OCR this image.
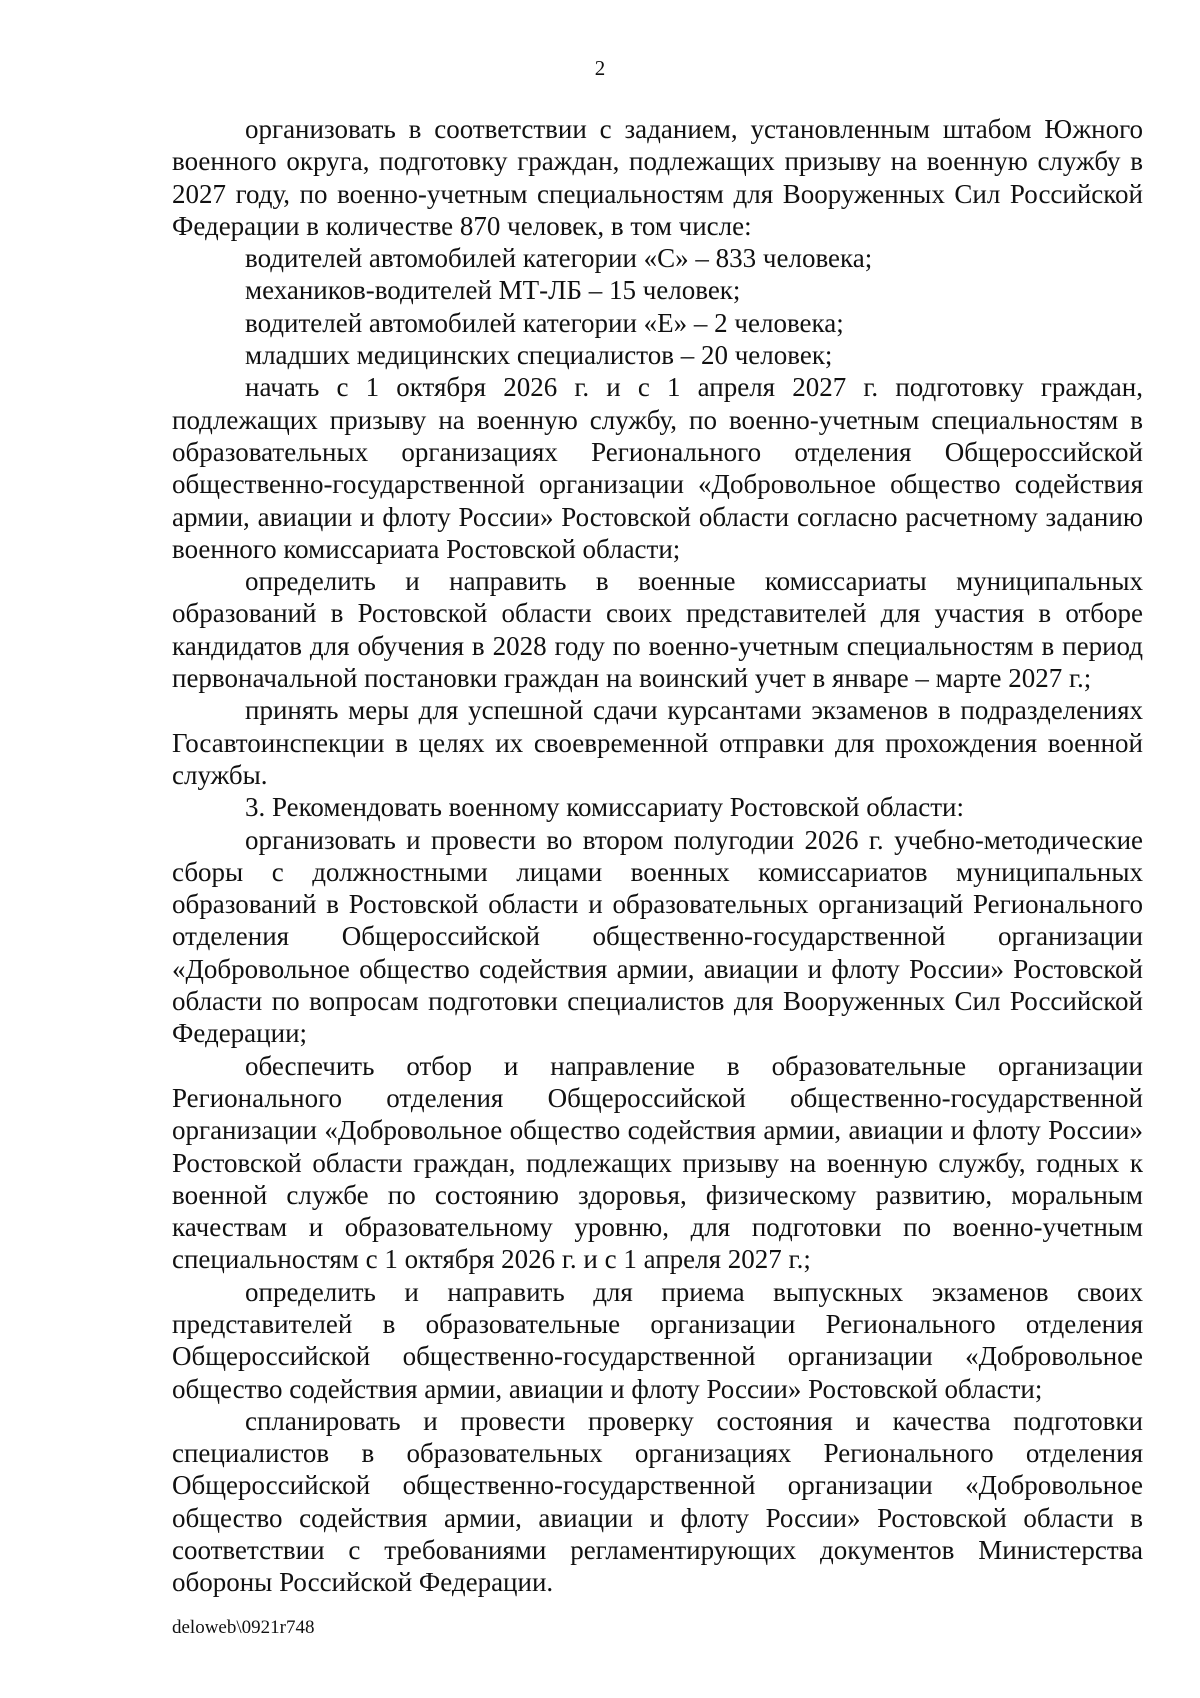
2

организовать в соответствии с заданием, установленным штабом Южного военного округа, подготовку граждан, подлежащих призыву на военную службу в 2027 году, по военно-учетным специальностям для Вооруженных Сил Российской Федерации в количестве 870 человек, в том числе:

водителей автомобилей категории «С» – 833 человека;

механиков-водителей МТ-ЛБ – 15 человек;

водителей автомобилей категории «Е» – 2 человека;

младших медицинских специалистов – 20 человек;

начать с 1 октября 2026 г. и с 1 апреля 2027 г. подготовку граждан, подлежащих призыву на военную службу, по военно-учетным специальностям в образовательных организациях Регионального отделения Общероссийской общественно-государственной организации «Добровольное общество содействия армии, авиации и флоту России» Ростовской области согласно расчетному заданию военного комиссариата Ростовской области;

определить и направить в военные комиссариаты муниципальных образований в Ростовской области своих представителей для участия в отборе кандидатов для обучения в 2028 году по военно-учетным специальностям в период первоначальной постановки граждан на воинский учет в январе – марте 2027 г.;

принять меры для успешной сдачи курсантами экзаменов в подразделениях Госавтоинспекции в целях их своевременной отправки для прохождения военной службы.

3. Рекомендовать военному комиссариату Ростовской области:

организовать и провести во втором полугодии 2026 г. учебно-методические сборы с должностными лицами военных комиссариатов муниципальных образований в Ростовской области и образовательных организаций Регионального отделения Общероссийской общественно-государственной организации «Добровольное общество содействия армии, авиации и флоту России» Ростовской области по вопросам подготовки специалистов для Вооруженных Сил Российской Федерации;

обеспечить отбор и направление в образовательные организации Регионального отделения Общероссийской общественно-государственной организации «Добровольное общество содействия армии, авиации и флоту России» Ростовской области граждан, подлежащих призыву на военную службу, годных к военной службе по состоянию здоровья, физическому развитию, моральным качествам и образовательному уровню, для подготовки по военно-учетным специальностям с 1 октября 2026 г. и с 1 апреля 2027 г.;

определить и направить для приема выпускных экзаменов своих представителей в образовательные организации Регионального отделения Общероссийской общественно-государственной организации «Добровольное общество содействия армии, авиации и флоту России» Ростовской области;

спланировать и провести проверку состояния и качества подготовки специалистов в образовательных организациях Регионального отделения Общероссийской общественно-государственной организации «Добровольное общество содействия армии, авиации и флоту России» Ростовской области в соответствии с требованиями регламентирующих документов Министерства обороны Российской Федерации.

deloweb\0921r748
